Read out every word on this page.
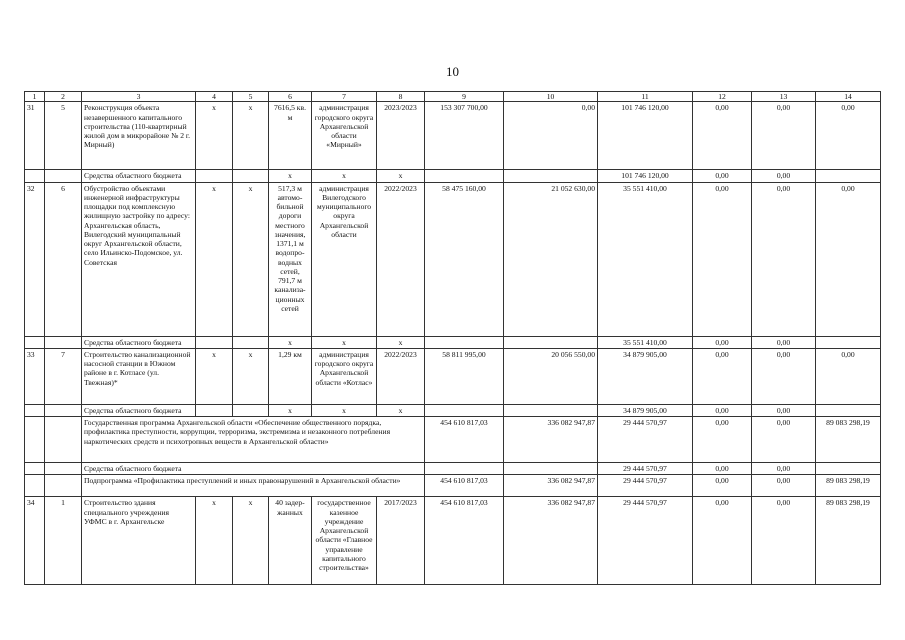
10
1	2	3	4	5	6	7	8	9	10	11	12	13	14
31	5	Реконструкция объекта незавершенного капитального строительства (110-квартирный жилой дом в микрорайоне № 2 г. Мирный)	x	x	7616,5 кв. м	администрация городского округа Архангельской области «Мирный»	2023/2023	153 307 700,00	0,00	101 746 120,00	0,00	0,00	0,00
		Средства областного бюджета			x	x	x			101 746 120,00	0,00	0,00	
32	6	Обустройство объектами инженерной инфраструктуры площадки под комплексную жилищную застройку по адресу: Архангельская область, Вилегодский муниципальный округ Архангельской области, село Ильинско-Подомское, ул. Советская	x	x	517,3 м автомо-бильной дороги местного значения, 1371,1 м водопро-водных сетей, 791,7 м канализа-ционных сетей	администрация Вилегодского муниципального округа Архангельской области	2022/2023	58 475 160,00	21 052 630,00	35 551 410,00	0,00	0,00	0,00
		Средства областного бюджета			x	x	x			35 551 410,00	0,00	0,00	
33	7	Строительство канализационной насосной станции в Южном районе в г. Котласе (ул. Твежная)*	x	x	1,29 км	администрация городского округа Архангельской области «Котлас»	2022/2023	58 811 995,00	20 056 550,00	34 879 905,00	0,00	0,00	0,00
		Средства областного бюджета			x	x	x			34 879 905,00	0,00	0,00	
		Государственная программа Архангельской области «Обеспечение общественного порядка, профилактика преступности, коррупции, терроризма, экстремизма и незаконного потребления наркотических средств и психотропных веществ в Архангельской области»						454 610 817,03	336 082 947,87	29 444 570,97	0,00	0,00	89 083 298,19
		Средства областного бюджета								29 444 570,97	0,00	0,00	
		Подпрограмма «Профилактика преступлений и иных правонарушений в Архангельской области»						454 610 817,03	336 082 947,87	29 444 570,97	0,00	0,00	89 083 298,19
34	1	Строительство здания специального учреждения УФМС в г. Архангельске	x	x	40 задер-жанных	государственное казенное учреждение Архангельской области «Главное управление капитального строительства»	2017/2023	454 610 817,03	336 082 947,87	29 444 570,97	0,00	0,00	89 083 298,19
